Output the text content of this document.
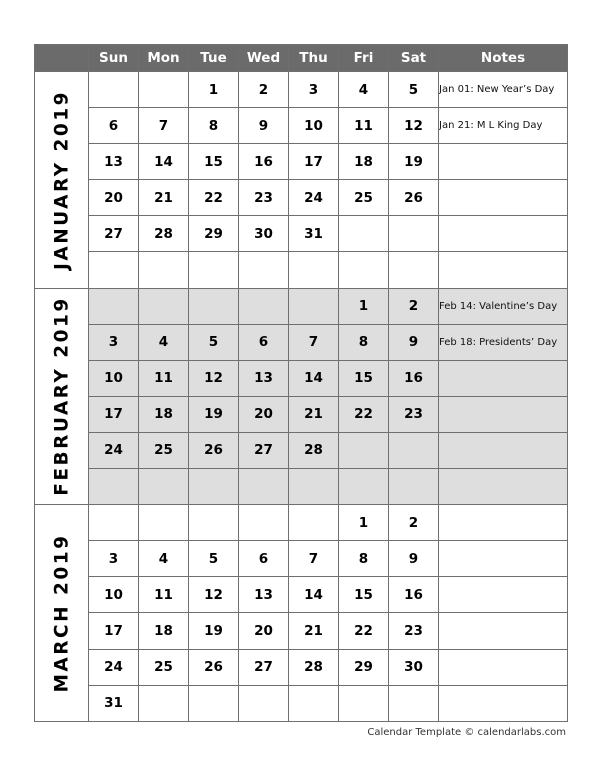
	Sun	Mon	Tue	Wed	Thu	Fri	Sat	Notes

JANUARY 2019			1	2	3	4	5	Jan 01: New Year’s Day
	6	7	8	9	10	11	12	Jan 21: M L King Day
	13	14	15	16	17	18	19	
	20	21	22	23	24	25	26	
	27	28	29	30	31			

FEBRUARY 2019						1	2	Feb 14: Valentine’s Day
	3	4	5	6	7	8	9	Feb 18: Presidents’ Day
	10	11	12	13	14	15	16	
	17	18	19	20	21	22	23	
	24	25	26	27	28			

MARCH 2019						1	2	
	3	4	5	6	7	8	9	
	10	11	12	13	14	15	16	
	17	18	19	20	21	22	23	
	24	25	26	27	28	29	30	
	31							
Calendar Template © calendarlabs.com
